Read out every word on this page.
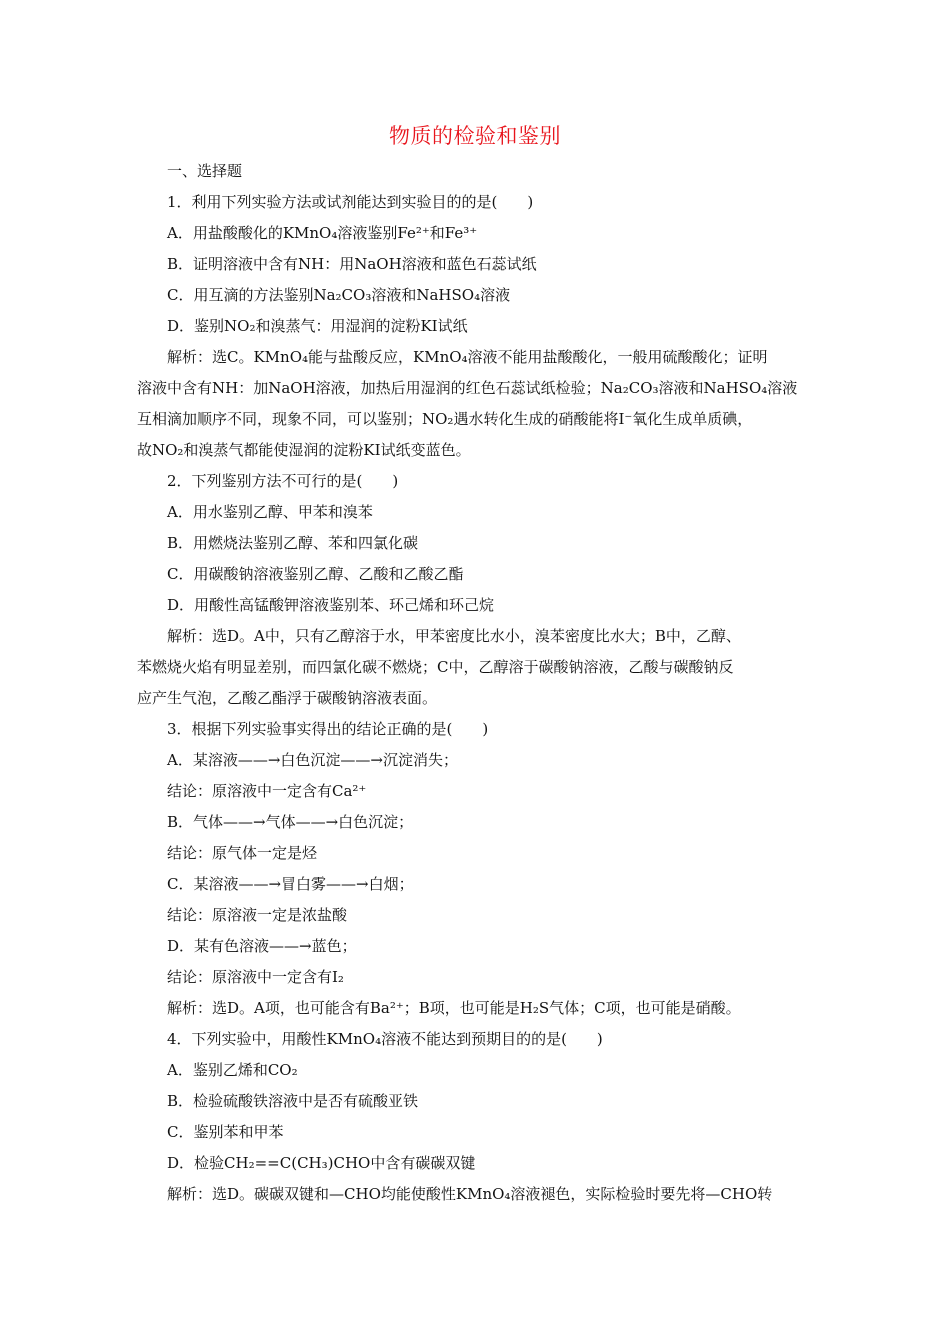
物质的检验和鉴别
一、选择题
1．利用下列实验方法或试剂能达到实验目的的是(　　)
A．用盐酸酸化的KMnO₄溶液鉴别Fe²⁺和Fe³⁺
B．证明溶液中含有NH：用NaOH溶液和蓝色石蕊试纸
C．用互滴的方法鉴别Na₂CO₃溶液和NaHSO₄溶液
D．鉴别NO₂和溴蒸气：用湿润的淀粉KI试纸
解析：选C。KMnO₄能与盐酸反应，KMnO₄溶液不能用盐酸酸化，一般用硫酸酸化；证明
溶液中含有NH：加NaOH溶液，加热后用湿润的红色石蕊试纸检验；Na₂CO₃溶液和NaHSO₄溶液
互相滴加顺序不同，现象不同，可以鉴别；NO₂遇水转化生成的硝酸能将I⁻氧化生成单质碘，
故NO₂和溴蒸气都能使湿润的淀粉KI试纸变蓝色。
2．下列鉴别方法不可行的是(　　)
A．用水鉴别乙醇、甲苯和溴苯
B．用燃烧法鉴别乙醇、苯和四氯化碳
C．用碳酸钠溶液鉴别乙醇、乙酸和乙酸乙酯
D．用酸性高锰酸钾溶液鉴别苯、环己烯和环己烷
解析：选D。A中，只有乙醇溶于水，甲苯密度比水小，溴苯密度比水大；B中，乙醇、
苯燃烧火焰有明显差别，而四氯化碳不燃烧；C中，乙醇溶于碳酸钠溶液，乙酸与碳酸钠反
应产生气泡，乙酸乙酯浮于碳酸钠溶液表面。
3．根据下列实验事实得出的结论正确的是(　　)
A．某溶液——→白色沉淀——→沉淀消失；
结论：原溶液中一定含有Ca²⁺
B．气体——→气体——→白色沉淀；
结论：原气体一定是烃
C．某溶液——→冒白雾——→白烟；
结论：原溶液一定是浓盐酸
D．某有色溶液——→蓝色；
结论：原溶液中一定含有I₂
解析：选D。A项，也可能含有Ba²⁺；B项，也可能是H₂S气体；C项，也可能是硝酸。
4．下列实验中，用酸性KMnO₄溶液不能达到预期目的的是(　　)
A．鉴别乙烯和CO₂
B．检验硫酸铁溶液中是否有硫酸亚铁
C．鉴别苯和甲苯
D．检验CH₂==C(CH₃)CHO中含有碳碳双键
解析：选D。碳碳双键和—CHO均能使酸性KMnO₄溶液褪色，实际检验时要先将—CHO转
